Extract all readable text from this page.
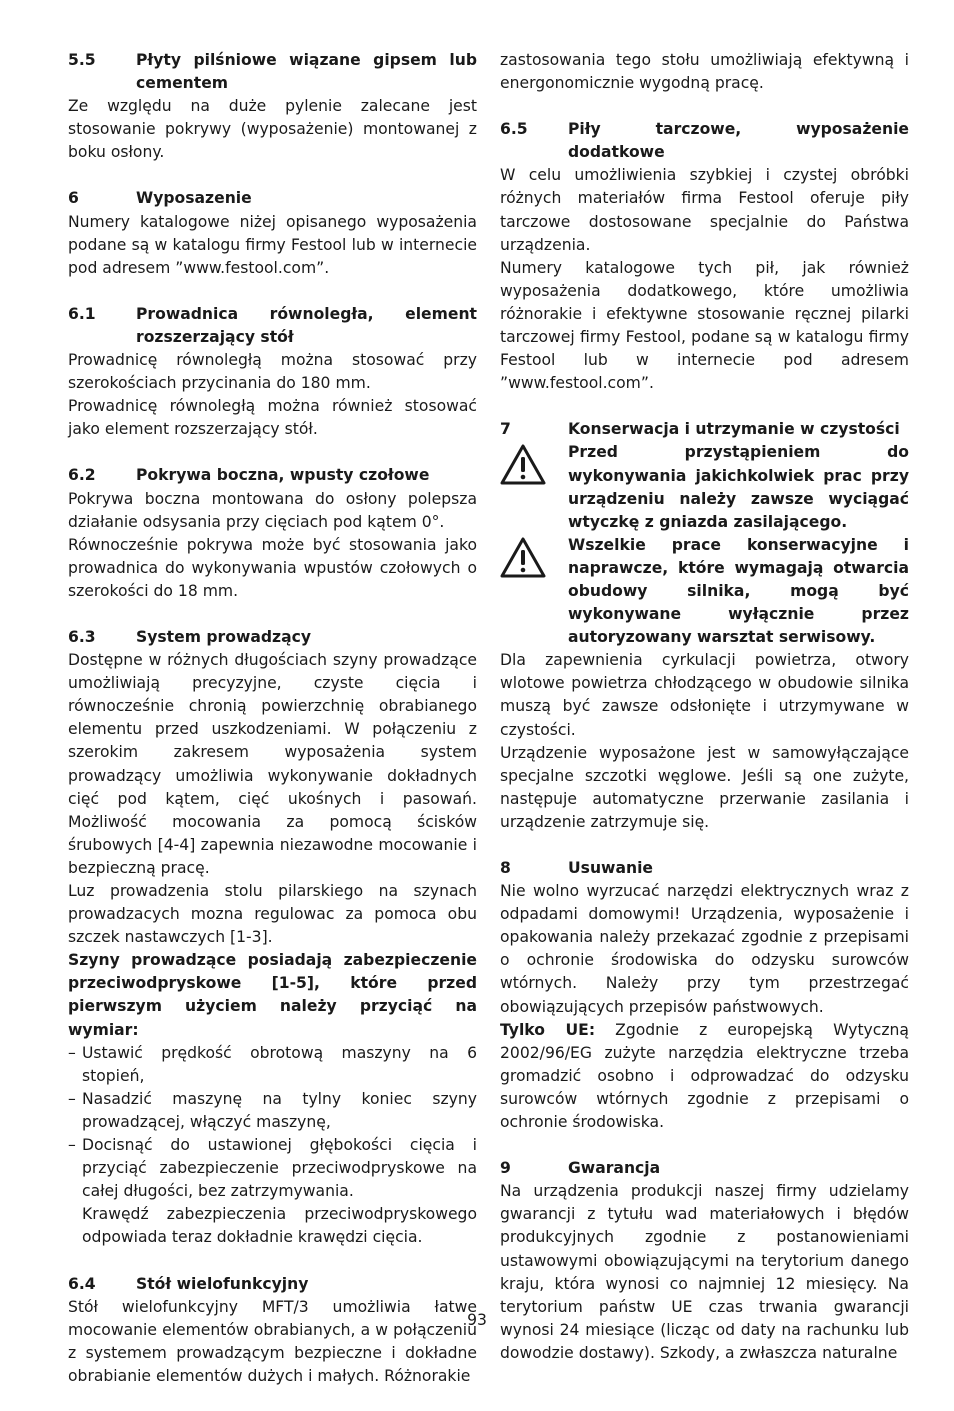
5.5	Płyty pilśniowe wiązane gipsem lub cementem

Ze względu na duże pylenie zalecane jest stosowanie pokrywy (wyposażenie) montowanej z boku osłony.

6	Wyposazenie

Numery katalogowe niżej opisanego wyposażenia podane są w katalogu firmy Festool lub w internecie pod adresem ”www.festool.com”.

6.1	Prowadnica równoległa, element rozszerzający stół

Prowadnicę równoległą można stosować przy szerokościach przycinania do 180 mm.

Prowadnicę równoległą można również stosować jako element rozszerzający stół.

6.2	Pokrywa boczna, wpusty czołowe

Pokrywa boczna montowana do osłony polepsza działanie odsysania przy cięciach pod kątem 0°.

Równocześnie pokrywa może być stosowania jako prowadnica do wykonywania wpustów czołowych o szerokości do 18 mm.

6.3	System prowadzący

Dostępne w różnych długościach szyny prowadzące umożliwiają precyzyjne, czyste cięcia i równocześnie chronią powierzchnię obrabianego elementu przed uszkodzeniami. W połączeniu z szerokim zakresem wyposażenia system prowadzący umożliwia wykonywanie dokładnych cięć pod kątem, cięć ukośnych i pasowań. Możliwość mocowania za pomocą ścisków śrubowych [4-4] zapewnia niezawodne mocowanie i bezpieczną pracę.

Luz prowadzenia stolu pilarskiego na szynach prowadzacych mozna regulowac za pomoca obu szczek nastawczych [1-3].

Szyny prowadzące posiadają zabezpieczenie przeciwodpryskowe [1-5], które przed pierwszym użyciem należy przyciąć na wymiar:

– Ustawić prędkość obrotową maszyny na 6 stopień,
– Nasadzić maszynę na tylny koniec szyny prowadzącej, włączyć maszynę,
– Docisnąć do ustawionej głębokości cięcia i przyciąć zabezpieczenie przeciwodpryskowe na całej długości, bez zatrzymywania.

Krawędź zabezpieczenia przeciwodpryskowego odpowiada teraz dokładnie krawędzi cięcia.

6.4	Stół wielofunkcyjny

Stół wielofunkcyjny MFT/3 umożliwia łatwe mocowanie elementów obrabianych, a w połączeniu z systemem prowadzącym bezpieczne i dokładne obrabianie elementów dużych i małych. Różnorakie

zastosowania tego stołu umożliwiają efektywną i energonomicznie wygodną pracę.

6.5	Piły tarczowe, wyposażenie dodatkowe

W celu umożliwienia szybkiej i czystej obróbki różnych materiałów firma Festool oferuje piły tarczowe dostosowane specjalnie do Państwa urządzenia.

Numery katalogowe tych pił, jak również wyposażenia dodatkowego, które umożliwia różnorakie i efektywne stosowanie ręcznej pilarki tarczowej firmy Festool, podane są w katalogu firmy Festool lub w internecie pod adresem ”www.festool.com”.

7	Konserwacja i utrzymanie w czystości
Przed przystąpieniem do wykonywania jakichkolwiek prac przy urządzeniu należy zawsze wyciągać wtyczkę z gniazda zasilającego.
Wszelkie prace konserwacyjne i naprawcze, które wymagają otwarcia obudowy silnika, mogą być wykonywane wyłącznie przez autoryzowany warsztat serwisowy.

Dla zapewnienia cyrkulacji powietrza, otwory wlotowe powietrza chłodzącego w obudowie silnika muszą być zawsze odsłonięte i utrzymywane w czystości.

Urządzenie wyposażone jest w samowyłączające specjalne szczotki węglowe. Jeśli są one zużyte, następuje automatyczne przerwanie zasilania i urządzenie zatrzymuje się.

8	Usuwanie

Nie wolno wyrzucać narzędzi elektrycznych wraz z odpadami domowymi! Urządzenia, wyposażenie i opakowania należy przekazać zgodnie z przepisami o ochronie środowiska do odzysku surowców wtórnych. Należy przy tym przestrzegać obowiązujących przepisów państwowych.

Tylko UE: Zgodnie z europejską Wytyczną 2002/96/EG zużyte narzędzia elektryczne trzeba gromadzić osobno i odprowadzać do odzysku surowców wtórnych zgodnie z przepisami o ochronie środowiska.

9	Gwarancja

Na urządzenia produkcji naszej firmy udzielamy gwarancji z tytułu wad materiałowych i błędów produkcyjnych zgodnie z postanowieniami ustawowymi obowiązującymi na terytorium danego kraju, która wynosi co najmniej 12 miesięcy. Na terytorium państw UE czas trwania gwarancji wynosi 24 miesiące (licząc od daty na rachunku lub dowodzie dostawy). Szkody, a zwłaszcza naturalne

93
